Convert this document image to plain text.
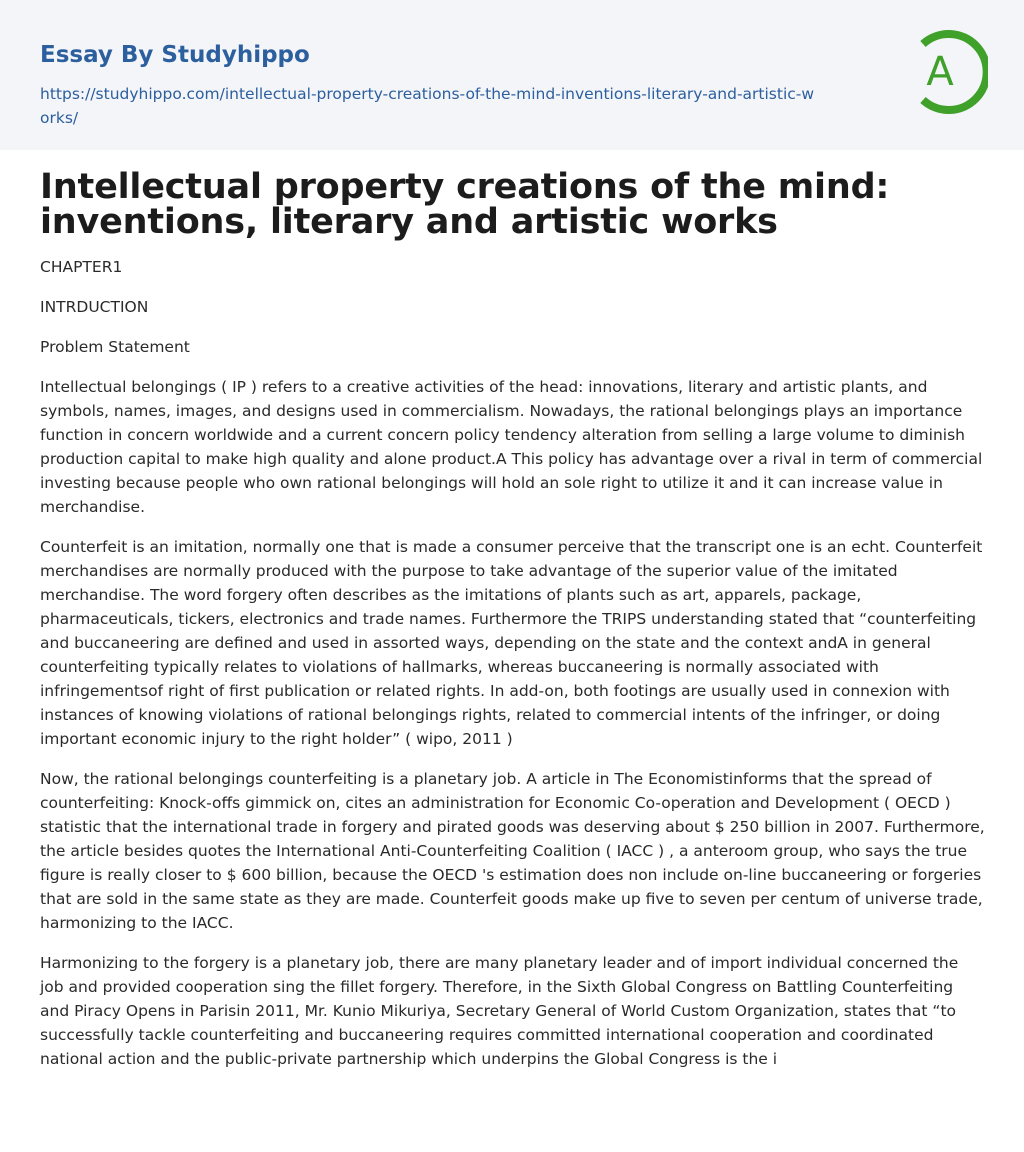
Essay By Studyhippo
https://studyhippo.com/intellectual-property-creations-of-the-mind-inventions-literary-and-artistic-works/
A
Intellectual property creations of the mind: inventions, literary and artistic works

CHAPTER1

INTRDUCTION

Problem Statement

Intellectual belongings ( IP ) refers to a creative activities of the head: innovations, literary and artistic plants, and symbols, names, images, and designs used in commercialism. Nowadays, the rational belongings plays an importance function in concern worldwide and a current concern policy tendency alteration from selling a large volume to diminish production capital to make high quality and alone product.A This policy has advantage over a rival in term of commercial investing because people who own rational belongings will hold an sole right to utilize it and it can increase value in merchandise.

Counterfeit is an imitation, normally one that is made a consumer perceive that the transcript one is an echt. Counterfeit merchandises are normally produced with the purpose to take advantage of the superior value of the imitated merchandise. The word forgery often describes as the imitations of plants such as art, apparels, package, pharmaceuticals, tickers, electronics and trade names. Furthermore the TRIPS understanding stated that “counterfeiting and buccaneering are defined and used in assorted ways, depending on the state and the context andA in general counterfeiting typically relates to violations of hallmarks, whereas buccaneering is normally associated with infringementsof right of first publication or related rights. In add-on, both footings are usually used in connexion with instances of knowing violations of rational belongings rights, related to commercial intents of the infringer, or doing important economic injury to the right holder” ( wipo, 2011 )

Now, the rational belongings counterfeiting is a planetary job. A article in The Economistinforms that the spread of counterfeiting: Knock-offs gimmick on, cites an administration for Economic Co-operation and Development ( OECD ) statistic that the international trade in forgery and pirated goods was deserving about $ 250 billion in 2007. Furthermore, the article besides quotes the International Anti-Counterfeiting Coalition ( IACC ) , a anteroom group, who says the true figure is really closer to $ 600 billion, because the OECD 's estimation does non include on-line buccaneering or forgeries that are sold in the same state as they are made. Counterfeit goods make up five to seven per centum of universe trade, harmonizing to the IACC.

Harmonizing to the forgery is a planetary job, there are many planetary leader and of import individual concerned the job and provided cooperation sing the fillet forgery. Therefore, in the Sixth Global Congress on Battling Counterfeiting and Piracy Opens in Parisin 2011, Mr. Kunio Mikuriya, Secretary General of World Custom Organization, states that “to successfully tackle counterfeiting and buccaneering requires committed international cooperation and coordinated national action and the public-private partnership which underpins the Global Congress is the i
